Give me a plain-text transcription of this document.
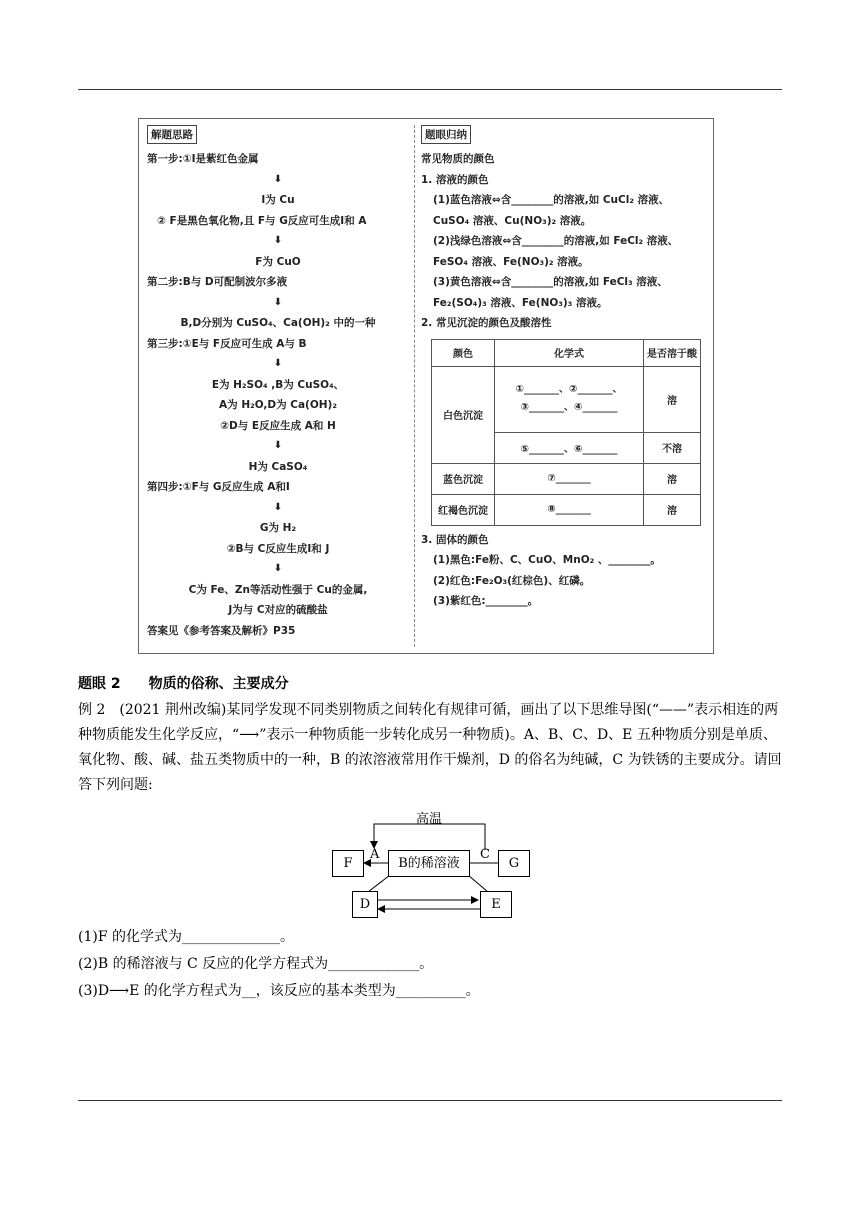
解题思路
第一步:①Ⅰ是紫红色金属
⬇
Ⅰ为 Cu
② F是黑色氧化物,且 F与 G反应可生成Ⅰ和 A
⬇
F为 CuO
第二步:B与 D可配制波尔多液
⬇
B,D分别为 CuSO₄、Ca(OH)₂ 中的一种
第三步:①E与 F反应可生成 A与 B
⬇
E为 H₂SO₄ ,B为 CuSO₄、
A为 H₂O,D为 Ca(OH)₂
②D与 E反应生成 A和 H
⬇
H为 CaSO₄
第四步:①F与 G反应生成 A和Ⅰ
⬇
G为 H₂
②B与 C反应生成Ⅰ和 J
⬇
C为 Fe、Zn等活动性强于 Cu的金属,
J为与 C对应的硫酸盐
答案见《参考答案及解析》P35
题眼归纳
常见物质的颜色
1. 溶液的颜色
(1)蓝色溶液⇔含________的溶液,如 CuCl₂ 溶液、
CuSO₄ 溶液、Cu(NO₃)₂ 溶液。
(2)浅绿色溶液⇔含________的溶液,如 FeCl₂ 溶液、
FeSO₄ 溶液、Fe(NO₃)₂ 溶液。
(3)黄色溶液⇔含________的溶液,如 FeCl₃ 溶液、
Fe₂(SO₄)₃ 溶液、Fe(NO₃)₃ 溶液。
2. 常见沉淀的颜色及酸溶性
颜色	化学式	是否溶于酸
白色沉淀	①_______、②_______、
③_______、④_______	溶
	⑤_______、⑥_______	不溶
蓝色沉淀	⑦_______	溶
红褐色沉淀	⑧_______	溶
3. 固体的颜色
(1)黑色:Fe粉、C、CuO、MnO₂ 、________。
(2)红色:Fe₂O₃(红棕色)、红磷。
(3)紫红色:________。
题眼 2　　物质的俗称、主要成分
例 2　(2021 荆州改编)某同学发现不同类别物质之间转化有规律可循，画出了以下思维导图(“——”表示相连的两种物质能发生化学反应，“⟶”表示一种物质能一步转化成另一种物质)。A、B、C、D、E 五种物质分别是单质、氧化物、酸、碱、盐五类物质中的一种，B 的浓溶液常用作干燥剂，D 的俗名为纯碱，C 为铁锈的主要成分。请回答下列问题:
高温
A	C
F	B的稀溶液	G
D	E
(1)F 的化学式为______________。
(2)B 的稀溶液与 C 反应的化学方程式为_____________。
(3)D⟶E 的化学方程式为__，该反应的基本类型为__________。
